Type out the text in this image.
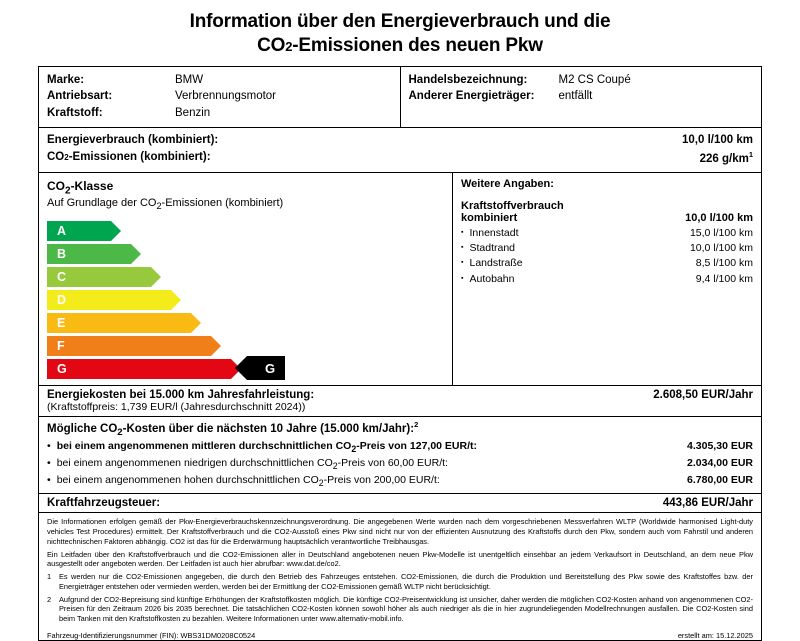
Information über den Energieverbrauch und die
CO2-Emissionen des neuen Pkw
Marke:	BMW
Antriebsart:	Verbrennungsmotor
Kraftstoff:	Benzin
Handelsbezeichnung:	M2 CS Coupé
Anderer Energieträger:	entfällt
Energieverbrauch (kombiniert):	10,0 l/100 km
CO2-Emissionen (kombiniert):	226 $g/km^1$
$CO_2$-Klasse
Auf Grundlage der $CO_2$-Emissionen (kombiniert)
A
B
C
D
E
F
G	G
Weitere Angaben:
Kraftstoffverbrauch
kombiniert	10,0 l/100 km
▪ Innenstadt	15,0 l/100 km
▪ Stadtrand	10,0 l/100 km
▪ Landstraße	8,5 l/100 km
▪ Autobahn	9,4 l/100 km
Energiekosten bei 15.000 km Jahresfahrleistung:	2.608,50 EUR/Jahr
(Kraftstoffpreis: 1,739 EUR/l (Jahresdurchschnitt 2024))
Mögliche $CO_2$-Kosten über die nächsten 10 Jahre (15.000 km/Jahr):$^2$
• bei einem angenommenen mittleren durchschnittlichen $CO_2$-Preis von 127,00 EUR/t:	4.305,30 EUR
• bei einem angenommenen niedrigen durchschnittlichen $CO_2$-Preis von 60,00 EUR/t:	2.034,00 EUR
• bei einem angenommenen hohen durchschnittlichen $CO_2$-Preis von 200,00 EUR/t:	6.780,00 EUR
Kraftfahrzeugsteuer:	443,86 EUR/Jahr

Die Informationen erfolgen gemäß der Pkw-Energieverbrauchskennzeichnungsverordnung. Die angegebenen Werte wurden nach dem vorgeschriebenen Messverfahren WLTP (Worldwide harmonised Light-duty vehicles Test Procedures) ermittelt. Der Kraftstoffverbrauch und die CO2-Ausstoß eines Pkw sind nicht nur von der effizienten Ausnutzung des Kraftstoffs durch den Pkw, sondern auch vom Fahrstil und anderen nichttechnischen Faktoren abhängig. CO2 ist das für die Erderwärmung hauptsächlich verantwortliche Treibhausgas.

Ein Leitfaden über den Kraftstoffverbrauch und die CO2-Emissionen aller in Deutschland angebotenen neuen Pkw-Modelle ist unentgeltlich einsehbar an jedem Verkaufsort in Deutschland, an dem neue Pkw ausgestellt oder angeboten werden. Der Leitfaden ist auch hier abrufbar: www.dat.de/co2.

1	Es werden nur die CO2-Emissionen angegeben, die durch den Betrieb des Fahrzeuges entstehen. CO2-Emissionen, die durch die Produktion und Bereitstellung des Pkw sowie des Kraftstoffes bzw. der Energieträger entstehen oder vermieden werden, werden bei der Ermittlung der CO2-Emissionen gemäß WLTP nicht berücksichtigt.
2	Aufgrund der CO2-Bepreisung sind künftige Erhöhungen der Kraftstoffkosten möglich. Die künftige CO2-Preisentwicklung ist unsicher, daher werden die möglichen CO2-Kosten anhand von angenommenen CO2-Preisen für den Zeitraum 2026 bis 2035 berechnet. Die tatsächlichen CO2-Kosten können sowohl höher als auch niedriger als die in hier zugrundeliegenden Modellrechnungen ausfallen. Die CO2-Kosten sind beim Tanken mit den Kraftstoffkosten zu bezahlen. Weitere Informationen unter www.alternativ-mobil.info.
Fahrzeug-Identifizierungsnummer (FIN): WBS31DM0208C0524	erstellt am: 15.12.2025
